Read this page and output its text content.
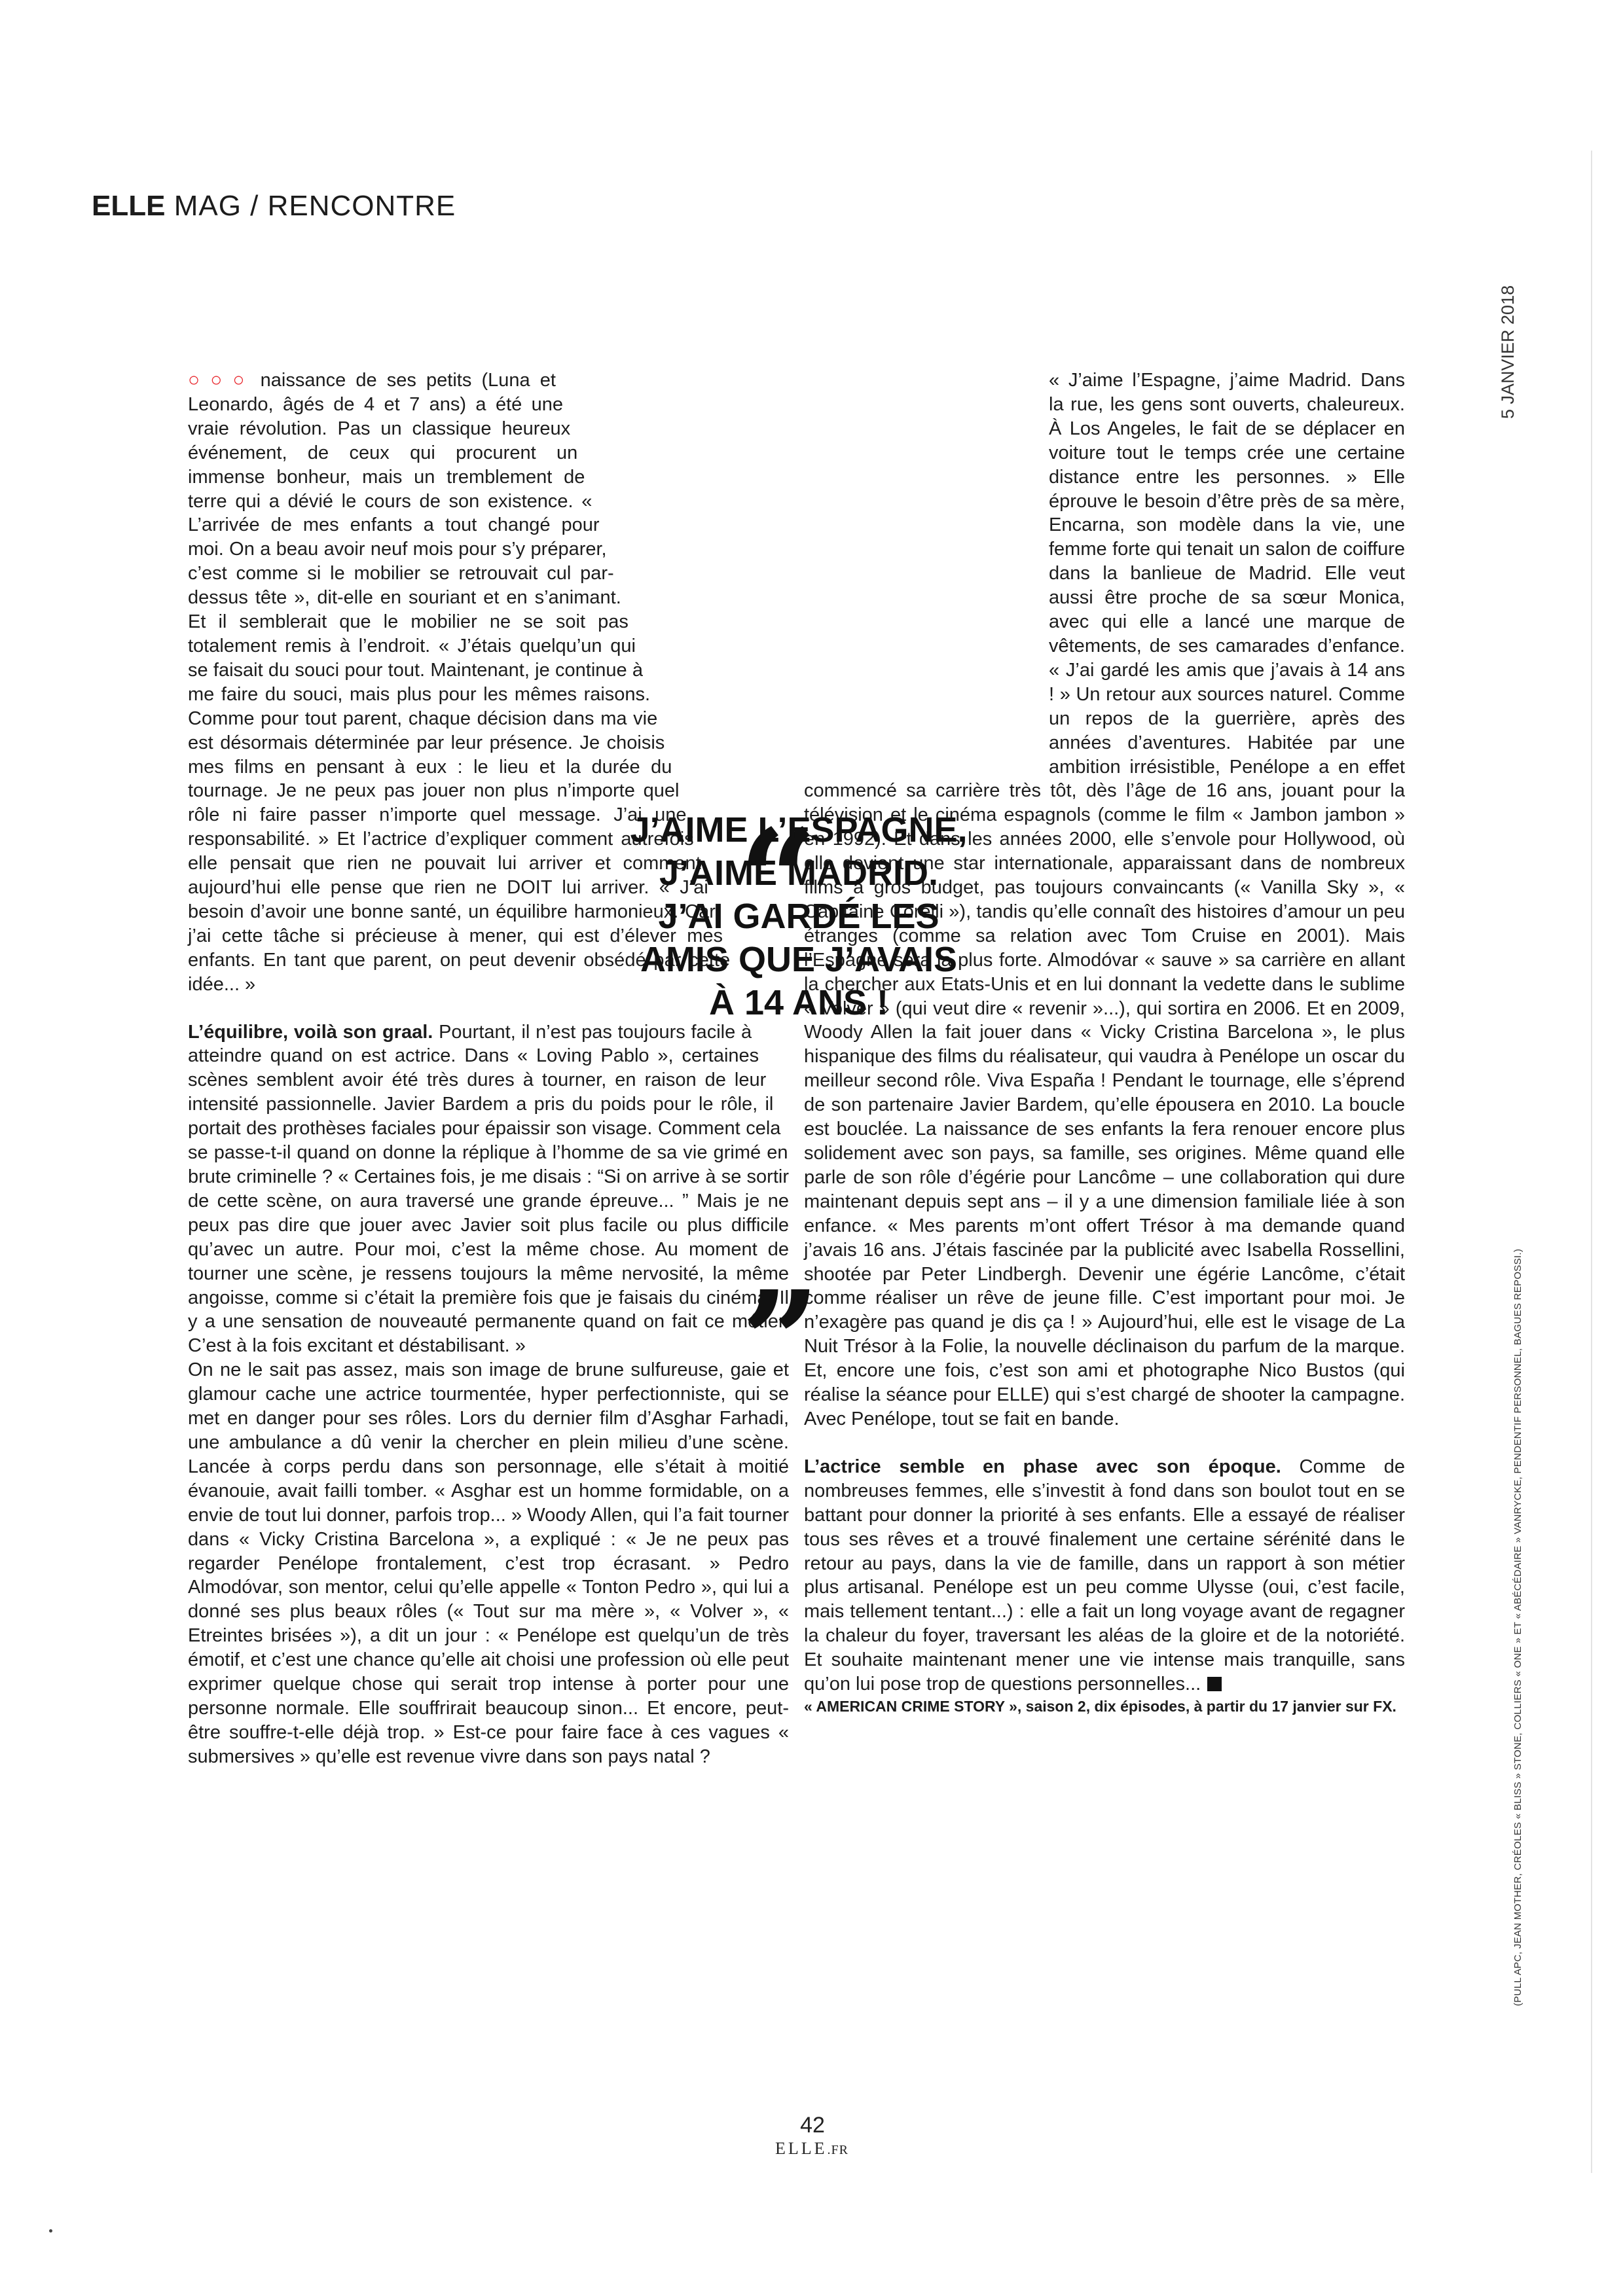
ELLE MAG / RENCONTRE
5 JANVIER 2018
(PULL APC, JEAN MOTHER, CRÉOLES « BLISS » STONE, COLLIERS « ONE » ET « ABÉCÉDAIRE » VANRYCKE, PENDENTIF PERSONNEL, BAGUES REPOSSI.)

○○○ naissance de ses petits (Luna et Leonardo, âgés de 4 et 7 ans) a été une vraie révolution. Pas un classique heureux événement, de ceux qui procurent un immense bonheur, mais un tremblement de terre qui a dévié le cours de son existence. « L’arrivée de mes enfants a tout changé pour moi. On a beau avoir neuf mois pour s’y préparer, c’est comme si le mobilier se retrouvait cul par-dessus tête », dit-elle en souriant et en s’animant. Et il semblerait que le mobilier ne se soit pas totalement remis à l’endroit. « J’étais quelqu’un qui se faisait du souci pour tout. Maintenant, je continue à me faire du souci, mais plus pour les mêmes raisons. Comme pour tout parent, chaque décision dans ma vie est désormais déterminée par leur présence. Je choisis mes films en pensant à eux : le lieu et la durée du tournage. Je ne peux pas jouer non plus n’importe quel rôle ni faire passer n’importe quel message. J’ai une responsabilité. » Et l’actrice d’expliquer comment autrefois elle pensait que rien ne pouvait lui arriver et comment aujourd’hui elle pense que rien ne DOIT lui arriver. « J’ai besoin d’avoir une bonne santé, un équilibre harmonieux. Car j’ai cette tâche si précieuse à mener, qui est d’élever mes enfants. En tant que parent, on peut devenir obsédé par cette idée... »

L’équilibre, voilà son graal. Pourtant, il n’est pas toujours facile à atteindre quand on est actrice. Dans « Loving Pablo », certaines scènes semblent avoir été très dures à tourner, en raison de leur intensité passionnelle. Javier Bardem a pris du poids pour le rôle, il portait des prothèses faciales pour épaissir son visage. Comment cela se passe-t-il quand on donne la réplique à l’homme de sa vie grimé en brute criminelle ? « Certaines fois, je me disais : “Si on arrive à se sortir de cette scène, on aura traversé une grande épreuve... ” Mais je ne peux pas dire que jouer avec Javier soit plus facile ou plus difficile qu’avec un autre. Pour moi, c’est la même chose. Au moment de tourner une scène, je ressens toujours la même nervosité, la même angoisse, comme si c’était la première fois que je faisais du cinéma. Il y a une sensation de nouveauté permanente quand on fait ce métier. C’est à la fois excitant et déstabilisant. »

On ne le sait pas assez, mais son image de brune sulfureuse, gaie et glamour cache une actrice tourmentée, hyper perfectionniste, qui se met en danger pour ses rôles. Lors du dernier film d’Asghar Farhadi, une ambulance a dû venir la chercher en plein milieu d’une scène. Lancée à corps perdu dans son personnage, elle s’était à moitié évanouie, avait failli tomber. « Asghar est un homme formidable, on a envie de tout lui donner, parfois trop... » Woody Allen, qui l’a fait tourner dans « Vicky Cristina Barcelona », a expliqué : « Je ne peux pas regarder Penélope frontalement, c’est trop écrasant. » Pedro Almodóvar, son mentor, celui qu’elle appelle « Tonton Pedro », qui lui a donné ses plus beaux rôles (« Tout sur ma mère », « Volver », « Etreintes brisées »), a dit un jour : « Penélope est quelqu’un de très émotif, et c’est une chance qu’elle ait choisi une profession où elle peut exprimer quelque chose qui serait trop intense à porter pour une personne normale. Elle souffrirait beaucoup sinon... Et encore, peut-être souffre-t-elle déjà trop. » Est-ce pour faire face à ces vagues « submersives » qu’elle est revenue vivre dans son pays natal ?

« J’aime l’Espagne, j’aime Madrid. Dans la rue, les gens sont ouverts, chaleureux. À Los Angeles, le fait de se déplacer en voiture tout le temps crée une certaine distance entre les personnes. » Elle éprouve le besoin d’être près de sa mère, Encarna, son modèle dans la vie, une femme forte qui tenait un salon de coiffure dans la banlieue de Madrid. Elle veut aussi être proche de sa sœur Monica, avec qui elle a lancé une marque de vêtements, de ses camarades d’enfance. « J’ai gardé les amis que j’avais à 14 ans ! » Un retour aux sources naturel. Comme un repos de la guerrière, après des années d’aventures. Habitée par une ambition irrésistible, Penélope a en effet commencé sa carrière très tôt, dès l’âge de 16 ans, jouant pour la télévision et le cinéma espagnols (comme le film « Jambon jambon » en 1992). Et dans les années 2000, elle s’envole pour Hollywood, où elle devient une star internationale, apparaissant dans de nombreux films à gros budget, pas toujours convaincants (« Vanilla Sky », « Capitaine Corelli »), tandis qu’elle connaît des histoires d’amour un peu étranges (comme sa relation avec Tom Cruise en 2001). Mais l’Espagne sera la plus forte. Almodóvar « sauve » sa carrière en allant la chercher aux Etats-Unis et en lui donnant la vedette dans le sublime « Volver » (qui veut dire « revenir »...), qui sortira en 2006. Et en 2009, Woody Allen la fait jouer dans « Vicky Cristina Barcelona », le plus hispanique des films du réalisateur, qui vaudra à Penélope un oscar du meilleur second rôle. Viva España ! Pendant le tournage, elle s’éprend de son partenaire Javier Bardem, qu’elle épousera en 2010. La boucle est bouclée. La naissance de ses enfants la fera renouer encore plus solidement avec son pays, sa famille, ses origines. Même quand elle parle de son rôle d’égérie pour Lancôme – une collaboration qui dure maintenant depuis sept ans – il y a une dimension familiale liée à son enfance. « Mes parents m’ont offert Trésor à ma demande quand j’avais 16 ans. J’étais fascinée par la publicité avec Isabella Rossellini, shootée par Peter Lindbergh. Devenir une égérie Lancôme, c’était comme réaliser un rêve de jeune fille. C’est important pour moi. Je n’exagère pas quand je dis ça ! » Aujourd’hui, elle est le visage de La Nuit Trésor à la Folie, la nouvelle déclinaison du parfum de la marque. Et, encore une fois, c’est son ami et photographe Nico Bustos (qui réalise la séance pour ELLE) qui s’est chargé de shooter la campagne. Avec Penélope, tout se fait en bande.

L’actrice semble en phase avec son époque. Comme de nombreuses femmes, elle s’investit à fond dans son boulot tout en se battant pour donner la priorité à ses enfants. Elle a essayé de réaliser tous ses rêves et a trouvé finalement une certaine sérénité dans le retour au pays, dans la vie de famille, dans un rapport à son métier plus artisanal. Penélope est un peu comme Ulysse (oui, c’est facile, mais tellement tentant...) : elle a fait un long voyage avant de regagner la chaleur du foyer, traversant les aléas de la gloire et de la notoriété. Et souhaite maintenant mener une vie intense mais tranquille, sans qu’on lui pose trop de questions personnelles...

« AMERICAN CRIME STORY », saison 2, dix épisodes, à partir du 17 janvier sur FX.

“
J’AIME L’ESPAGNE, J’AIME MADRID. J’AI GARDÉ LES AMIS QUE J’AVAIS À 14 ANS !
”
42
ELLE.FR
